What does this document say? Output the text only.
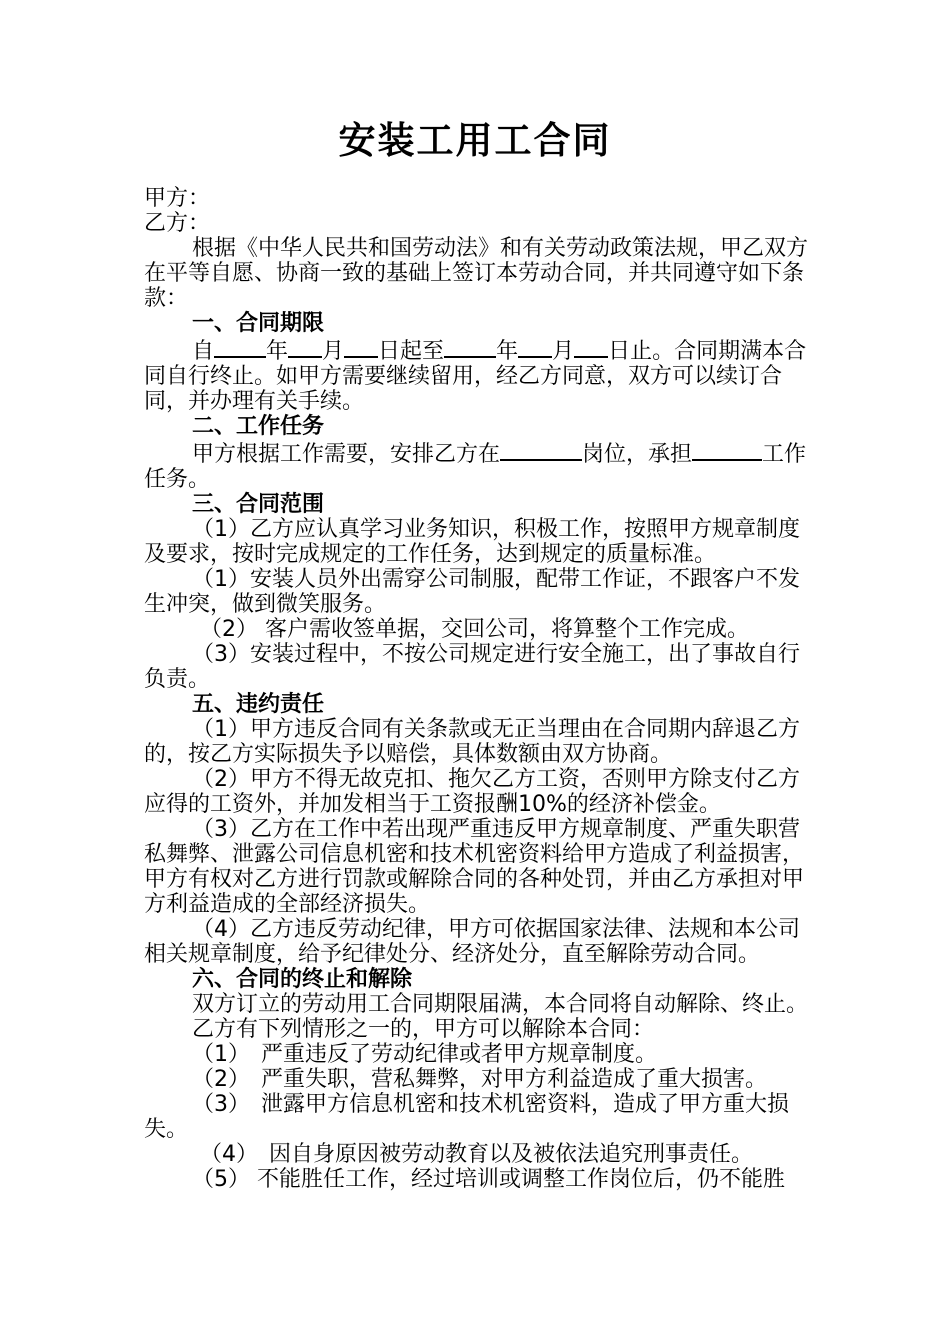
安装工用工合同

甲方：

乙方：

根据《中华人民共和国劳动法》和有关劳动政策法规，甲乙双方在平等自愿、协商一致的基础上签订本劳动合同，并共同遵守如下条款：

一、合同期限

自 年 月 日起至 年 月 日止。合同期满本合同自行终止。如甲方需要继续留用，经乙方同意，双方可以续订合同，并办理有关手续。

二、工作任务

甲方根据工作需要，安排乙方在	岗位，承担	工作任务。

三、合同范围

（1）乙方应认真学习业务知识，积极工作，按照甲方规章制度及要求，按时完成规定的工作任务，达到规定的质量标准。

（1）安装人员外出需穿公司制服，配带工作证，不跟客户不发生冲突，做到微笑服务。

（2） 客户需收签单据，交回公司，将算整个工作完成。

（3）安装过程中，不按公司规定进行安全施工，出了事故自行负责。

五、违约责任

（1）甲方违反合同有关条款或无正当理由在合同期内辞退乙方的，按乙方实际损失予以赔偿，具体数额由双方协商。

（2）甲方不得无故克扣、拖欠乙方工资，否则甲方除支付乙方应得的工资外，并加发相当于工资报酬10%的经济补偿金。

（3）乙方在工作中若出现严重违反甲方规章制度、严重失职营私舞弊、泄露公司信息机密和技术机密资料给甲方造成了利益损害，甲方有权对乙方进行罚款或解除合同的各种处罚，并由乙方承担对甲方利益造成的全部经济损失。

（4）乙方违反劳动纪律，甲方可依据国家法律、法规和本公司相关规章制度，给予纪律处分、经济处分，直至解除劳动合同。

六、合同的终止和解除

双方订立的劳动用工合同期限届满，本合同将自动解除、终止。

乙方有下列情形之一的，甲方可以解除本合同：

（1）　严重违反了劳动纪律或者甲方规章制度。

（2）　严重失职，营私舞弊，对甲方利益造成了重大损害。

（3）　泄露甲方信息机密和技术机密资料，造成了甲方重大损失。

（4）　因自身原因被劳动教育以及被依法追究刑事责任。

（5） 不能胜任工作，经过培训或调整工作岗位后，仍不能胜
